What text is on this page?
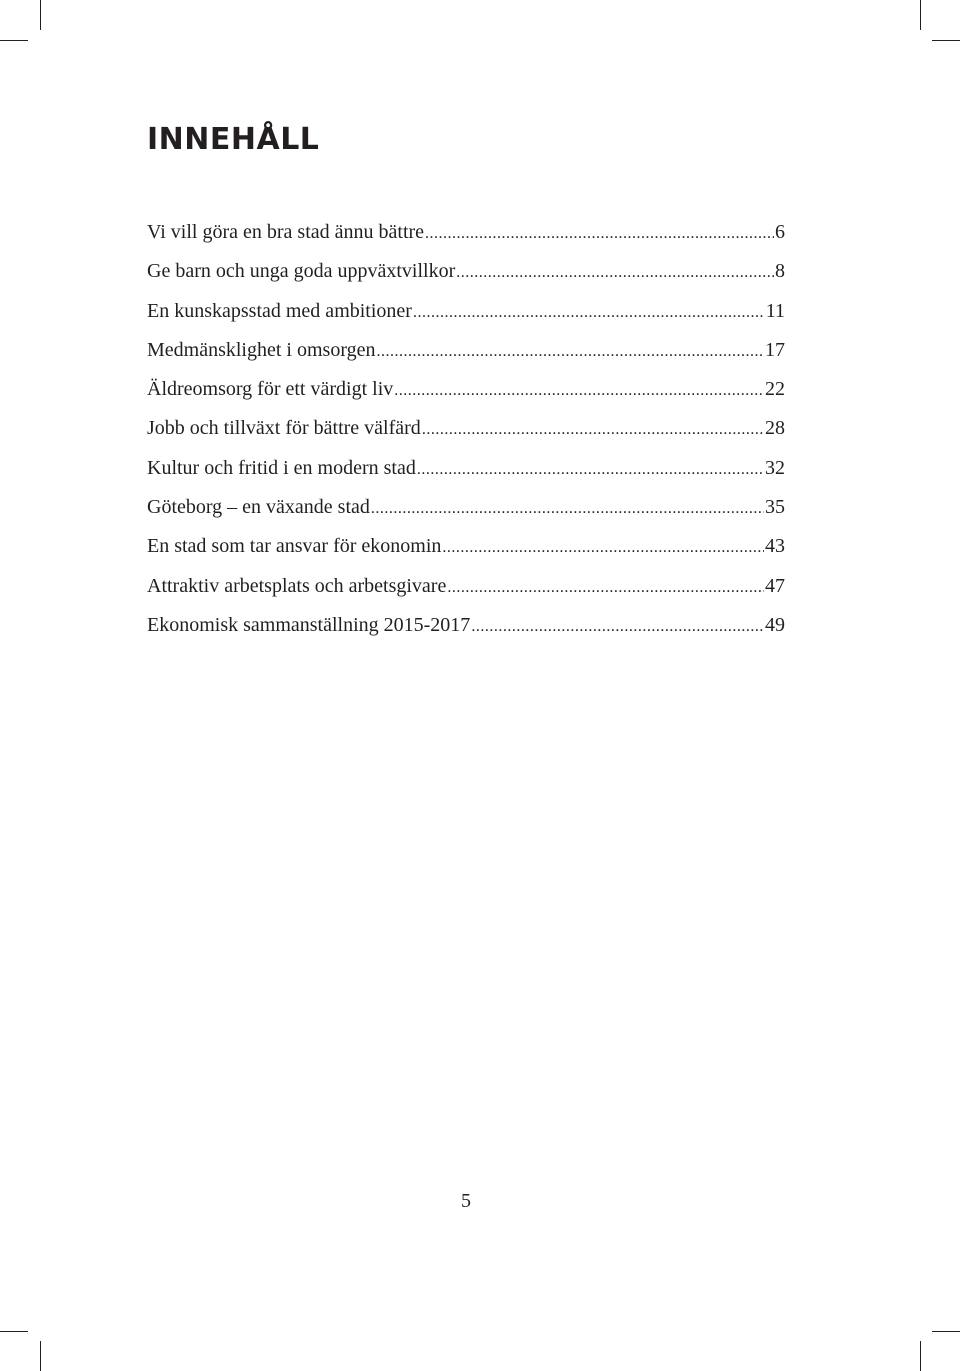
INNEHÅLL
Vi vill göra en bra stad ännu bättre .....	6
Ge barn och unga goda uppväxtvillkor .....	8
En kunskapsstad med ambitioner .....	11
Medmänsklighet i omsorgen .....	17
Äldreomsorg för ett värdigt liv .....	22
Jobb och tillväxt för bättre välfärd .....	28
Kultur och fritid i en modern stad .....	32
Göteborg – en växande stad .....	35
En stad som tar ansvar för ekonomin .....	43
Attraktiv arbetsplats och arbetsgivare .....	47
Ekonomisk sammanställning 2015-2017 .....	49
5
